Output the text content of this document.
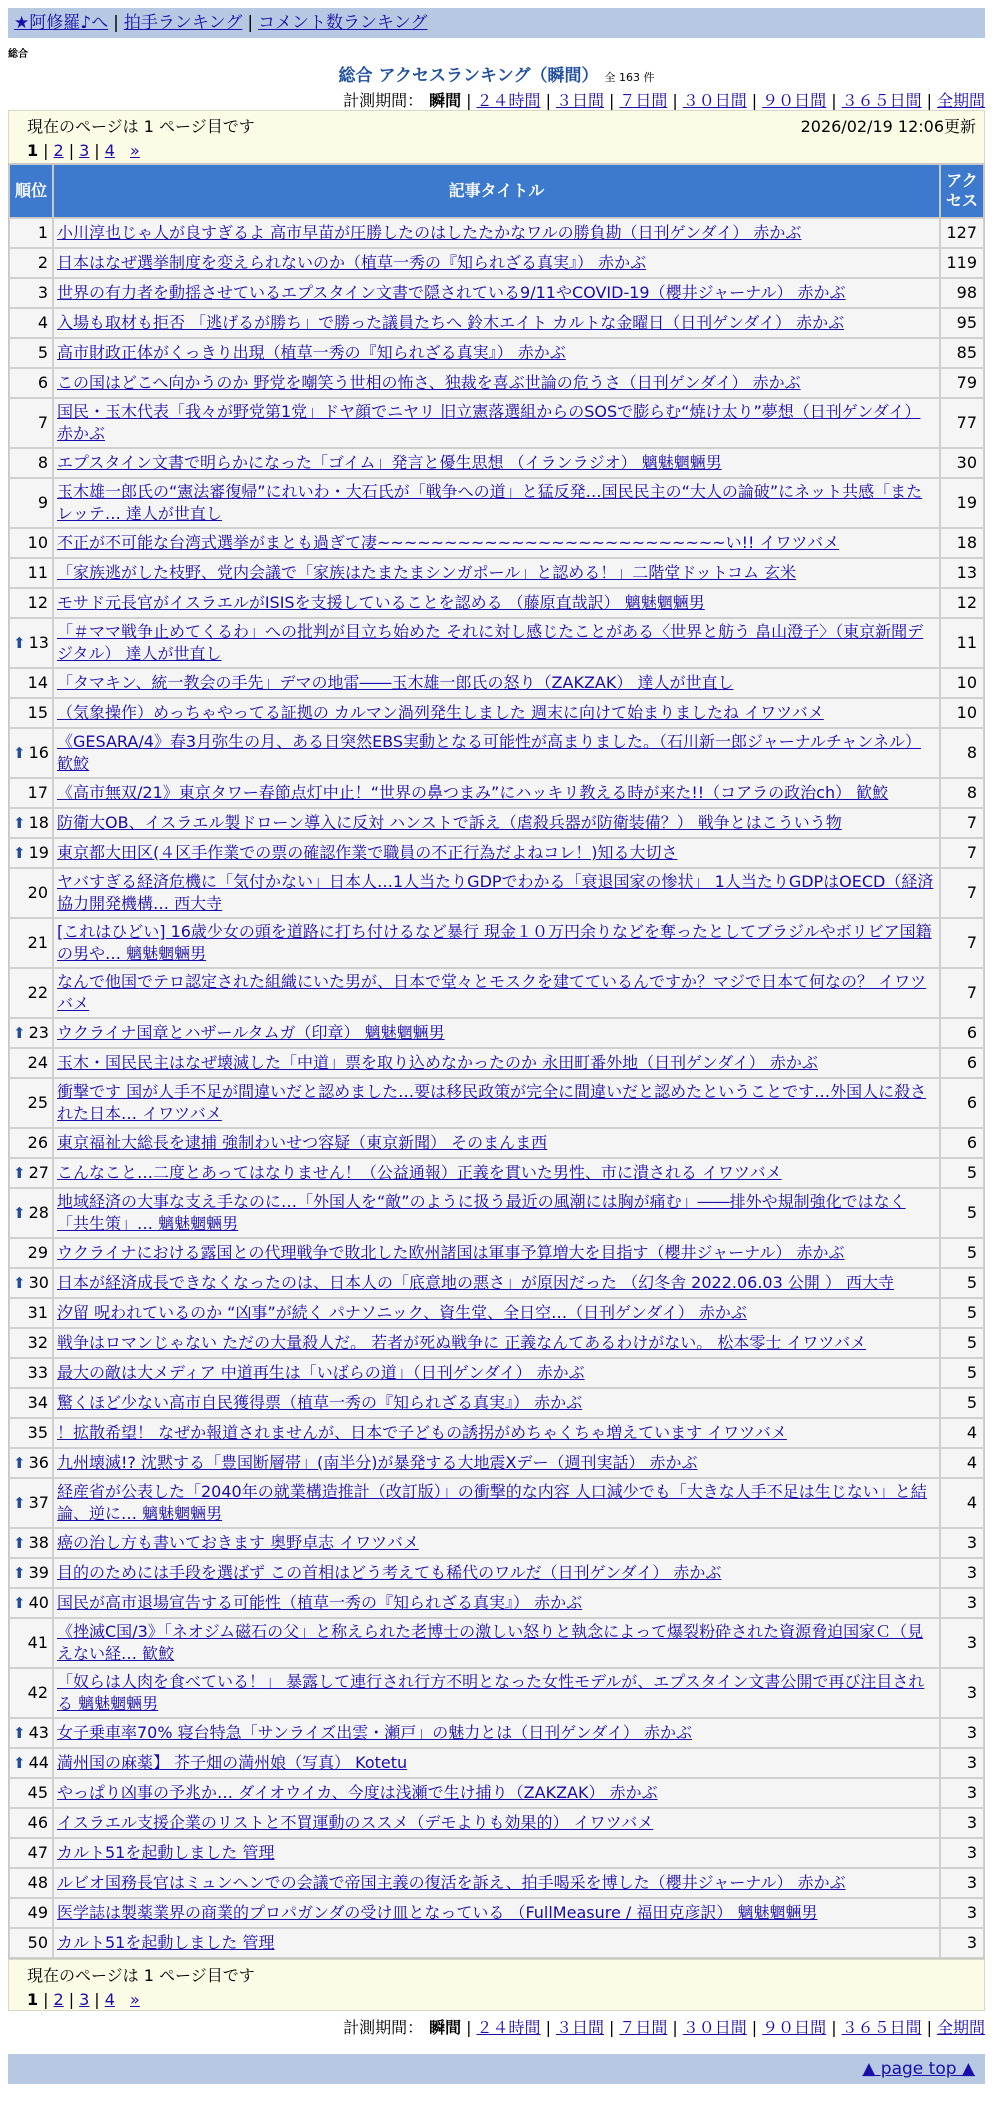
★阿修羅♪へ | 拍手ランキング | コメント数ランキング
総合
総合 アクセスランキング（瞬間） 全 163 件
計測期間： 瞬間 | ２４時間 | ３日間 | ７日間 | ３０日間 | ９０日間 | ３６５日間 | 全期間
現在のページは 1 ページ目です	2026/02/19 12:06更新
1 | 2 | 3 | 4 »
順位	記事タイトル	アクセス
1	小川淳也じゃ人が良すぎるよ 高市早苗が圧勝したのはしたたかなワルの勝負勘（日刊ゲンダイ） 赤かぶ	127
2	日本はなぜ選挙制度を変えられないのか（植草一秀の『知られざる真実』） 赤かぶ	119
3	世界の有力者を動揺させているエプスタイン文書で隠されている9/11やCOVID-19（櫻井ジャーナル） 赤かぶ	98
4	入場も取材も拒否 「逃げるが勝ち」で勝った議員たちへ 鈴木エイト カルトな金曜日（日刊ゲンダイ） 赤かぶ	95
5	高市財政正体がくっきり出現（植草一秀の『知られざる真実』） 赤かぶ	85
6	この国はどこへ向かうのか 野党を嘲笑う世相の怖さ、独裁を喜ぶ世論の危うさ（日刊ゲンダイ） 赤かぶ	79
7	国民・玉木代表「我々が野党第1党」ドヤ顔でニヤリ 旧立憲落選組からのSOSで膨らむ“焼け太り”夢想（日刊ゲンダイ） 赤かぶ	77
8	エプスタイン文書で明らかになった「ゴイム」発言と優生思想 （イランラジオ） 魑魅魍魎男	30
9	玉木雄一郎氏の“憲法審復帰”にれいわ・大石氏が「戦争への道」と猛反発…国民民主の“大人の論破”にネット共感「またレッテ… 達人が世直し	19
10	不正が不可能な台湾式選挙がまとも過ぎて凄~~~~~~~~~~~~~~~~~~~~~~~~~~い!! イワツバメ	18
11	「家族逃がした枝野、党内会議で「家族はたまたまシンガポール」と認める！」二階堂ドットコム 玄米	13
12	モサド元長官がイスラエルがISISを支援していることを認める （藤原直哉訳） 魑魅魍魎男	12
⬆ 13	「＃ママ戦争止めてくるわ」への批判が目立ち始めた それに対し感じたことがある〈世界と舫う 畠山澄子〉（東京新聞デジタル） 達人が世直し	11
14	「タマキン、統一教会の手先」デマの地雷――玉木雄一郎氏の怒り（ZAKZAK） 達人が世直し	10
15	（気象操作）めっちゃやってる証拠の カルマン渦列発生しました 週末に向けて始まりましたね イワツバメ	10
⬆ 16	《GESARA/4》春3月弥生の月、ある日突然EBS実動となる可能性が高まりました。（石川新一郎ジャーナルチャンネル） 歓鮫	8
17	《高市無双/21》東京タワー春節点灯中止！“世界の鼻つまみ”にハッキリ教える時が来た!!（コアラの政治ch） 歓鮫	8
⬆ 18	防衛大OB、イスラエル製ドローン導入に反対 ハンストで訴え（虐殺兵器が防衛装備？） 戦争とはこういう物	7
⬆ 19	東京都大田区(４区手作業での票の確認作業で職員の不正行為だよねコレ！)知る大切さ	7
20	ヤバすぎる経済危機に「気付かない」日本人…1人当たりGDPでわかる「衰退国家の惨状」 1人当たりGDPはOECD（経済協力開発機構… 西大寺	7
21	[これはひどい] 16歳少女の頭を道路に打ち付けるなど暴行 現金１０万円余りなどを奪ったとしてブラジルやボリビア国籍の男や… 魑魅魍魎男	7
22	なんで他国でテロ認定された組織にいた男が、日本で堂々とモスクを建てているんですか？マジで日本て何なの？ イワツバメ	7
⬆ 23	ウクライナ国章とハザールタムガ（印章） 魑魅魍魎男	6
24	玉木・国民民主はなぜ壊滅した「中道」票を取り込めなかったのか 永田町番外地（日刊ゲンダイ） 赤かぶ	6
25	衝撃です 国が人手不足が間違いだと認めました…要は移民政策が完全に間違いだと認めたということです…外国人に殺された日本… イワツバメ	6
26	東京福祉大総長を逮捕 強制わいせつ容疑（東京新聞） そのまんま西	6
⬆ 27	こんなこと…二度とあってはなりません！（公益通報）正義を貫いた男性、市に潰される イワツバメ	5
⬆ 28	地域経済の大事な支え手なのに…「外国人を“敵”のように扱う最近の風潮には胸が痛む」――排外や規制強化ではなく「共生策」… 魑魅魍魎男	5
29	ウクライナにおける露国との代理戦争で敗北した欧州諸国は軍事予算増大を目指す（櫻井ジャーナル） 赤かぶ	5
⬆ 30	日本が経済成長できなくなったのは、日本人の「底意地の悪さ」が原因だった （幻冬舎 2022.06.03 公開 ） 西大寺	5
31	汐留 呪われているのか “凶事”が続く パナソニック、資生堂、全日空…（日刊ゲンダイ） 赤かぶ	5
32	戦争はロマンじゃない ただの大量殺人だ。 若者が死ぬ戦争に 正義なんてあるわけがない。 松本零士 イワツバメ	5
33	最大の敵は大メディア 中道再生は「いばらの道」（日刊ゲンダイ） 赤かぶ	5
34	驚くほど少ない高市自民獲得票（植草一秀の『知られざる真実』） 赤かぶ	5
35	！拡散希望！ なぜか報道されませんが、日本で子どもの誘拐がめちゃくちゃ増えています イワツバメ	4
⬆ 36	九州壊滅!? 沈黙する「豊国断層帯」(南半分)が暴発する大地震Xデー（週刊実話） 赤かぶ	4
⬆ 37	経産省が公表した「2040年の就業構造推計（改訂版）」の衝撃的な内容 人口減少でも「大きな人手不足は生じない」と結論、逆に… 魑魅魍魎男	4
⬆ 38	癌の治し方も書いておきます 奥野卓志 イワツバメ	3
⬆ 39	目的のためには手段を選ばず この首相はどう考えても稀代のワルだ（日刊ゲンダイ） 赤かぶ	3
⬆ 40	国民が高市退場宣告する可能性（植草一秀の『知られざる真実』） 赤かぶ	3
41	《挫滅C国/3》「ネオジム磁石の父」と称えられた老博士の激しい怒りと執念によって爆裂粉砕された資源脅迫国家Ｃ（見えない経… 歓鮫	3
42	「奴らは人肉を食べている！」 暴露して連行され行方不明となった女性モデルが、エプスタイン文書公開で再び注目される 魑魅魍魎男	3
⬆ 43	女子乗車率70% 寝台特急「サンライズ出雲・瀬戸」の魅力とは（日刊ゲンダイ） 赤かぶ	3
⬆ 44	満州国の麻薬】 芥子畑の満州娘（写真） Kotetu	3
45	やっぱり凶事の予兆か… ダイオウイカ、今度は浅瀬で生け捕り（ZAKZAK） 赤かぶ	3
46	イスラエル支援企業のリストと不買運動のススメ（デモよりも効果的） イワツバメ	3
47	カルト51を起動しました 管理	3
48	ルビオ国務長官はミュンヘンでの会議で帝国主義の復活を訴え、拍手喝采を博した（櫻井ジャーナル） 赤かぶ	3
49	医学誌は製薬業界の商業的プロパガンダの受け皿となっている （FullMeasure / 福田克彦訳） 魑魅魍魎男	3
50	カルト51を起動しました 管理	3
現在のページは 1 ページ目です
1 | 2 | 3 | 4 »
計測期間： 瞬間 | ２４時間 | ３日間 | ７日間 | ３０日間 | ９０日間 | ３６５日間 | 全期間
▲ page top ▲
